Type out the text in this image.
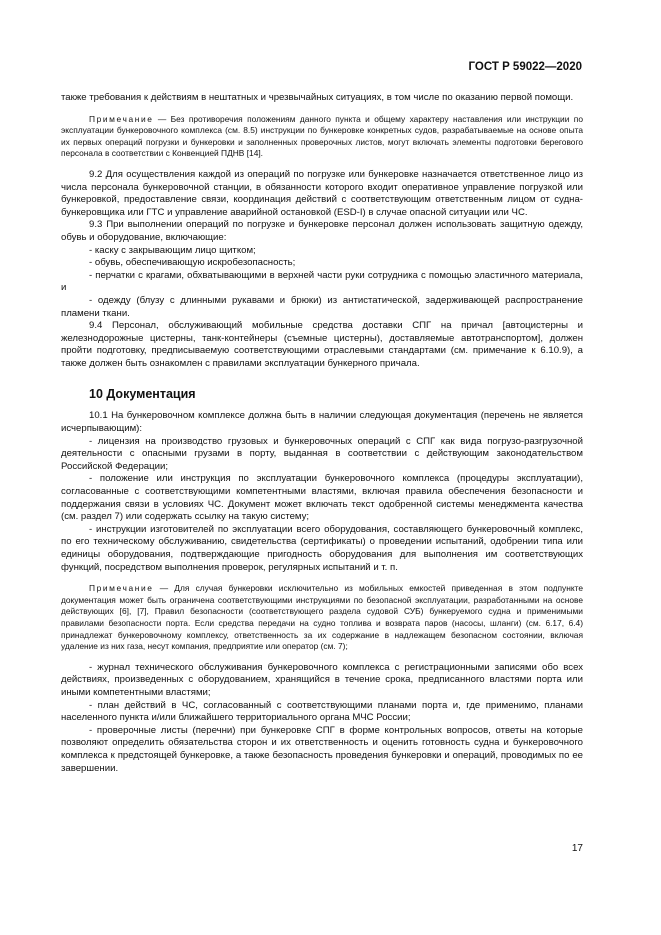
ГОСТ Р 59022—2020

также требования к действиям в нештатных и чрезвычайных ситуациях, в том числе по оказанию первой помощи.

Примечание — Без противоречия положениям данного пункта и общему характеру наставления или инструкции по эксплуатации бункеровочного комплекса (см. 8.5) инструкции по бункеровке конкретных судов, разрабатываемые на основе опыта их первых операций погрузки и бункеровки и заполненных проверочных листов, могут включать элементы подготовки берегового персонала в соответствии с Конвенцией ПДНВ [14].

9.2 Для осуществления каждой из операций по погрузке или бункеровке назначается ответственное лицо из числа персонала бункеровочной станции, в обязанности которого входит оперативное управление погрузкой или бункеровкой, предоставление связи, координация действий с соответствующим ответственным лицом от судна-бункеровщика или ГТС и управление аварийной остановкой (ESD-I) в случае опасной ситуации или ЧС.

9.3 При выполнении операций по погрузке и бункеровке персонал должен использовать защитную одежду, обувь и оборудование, включающие:

- каску с закрывающим лицо щитком;

- обувь, обеспечивающую искробезопасность;

- перчатки с крагами, обхватывающими в верхней части руки сотрудника с помощью эластичного материала, и

- одежду (блузу с длинными рукавами и брюки) из антистатической, задерживающей распространение пламени ткани.

9.4 Персонал, обслуживающий мобильные средства доставки СПГ на причал [автоцистерны и железнодорожные цистерны, танк-контейнеры (съемные цистерны), доставляемые автотранспортом], должен пройти подготовку, предписываемую соответствующими отраслевыми стандартами (см. примечание к 6.10.9), а также должен быть ознакомлен с правилами эксплуатации бункерного причала.

10 Документация

10.1 На бункеровочном комплексе должна быть в наличии следующая документация (перечень не является исчерпывающим):

- лицензия на производство грузовых и бункеровочных операций с СПГ как вида погрузо-разгрузочной деятельности с опасными грузами в порту, выданная в соответствии с действующим законодательством Российской Федерации;

- положение или инструкция по эксплуатации бункеровочного комплекса (процедуры эксплуатации), согласованные с соответствующими компетентными властями, включая правила обеспечения безопасности и поддержания связи в условиях ЧС. Документ может включать текст одобренной системы менеджмента качества (см. раздел 7) или содержать ссылку на такую систему;

- инструкции изготовителей по эксплуатации всего оборудования, составляющего бункеровочный комплекс, по его техническому обслуживанию, свидетельства (сертификаты) о проведении испытаний, одобрении типа или единицы оборудования, подтверждающие пригодность оборудования для выполнения им соответствующих функций, посредством выполнения проверок, регулярных испытаний и т. п.

Примечание — Для случая бункеровки исключительно из мобильных емкостей приведенная в этом подпункте документация может быть ограничена соответствующими инструкциями по безопасной эксплуатации, разработанными на основе действующих [6], [7], Правил безопасности (соответствующего раздела судовой СУБ) бункеруемого судна и применимыми правилами безопасности порта. Если средства передачи на судно топлива и возврата паров (насосы, шланги) (см. 6.17, 6.4) принадлежат бункеровочному комплексу, ответственность за их содержание в надлежащем безопасном состоянии, включая удаление из них газа, несут компания, предприятие или оператор (см. 7);

- журнал технического обслуживания бункеровочного комплекса с регистрационными записями обо всех действиях, произведенных с оборудованием, хранящийся в течение срока, предписанного властями порта или иными компетентными властями;

- план действий в ЧС, согласованный с соответствующими планами порта и, где применимо, планами населенного пункта и/или ближайшего территориального органа МЧС России;

- проверочные листы (перечни) при бункеровке СПГ в форме контрольных вопросов, ответы на которые позволяют определить обязательства сторон и их ответственность и оценить готовность судна и бункеровочного комплекса к предстоящей бункеровке, а также безопасность проведения бункеровки и операций, проводимых по ее завершении.

17
